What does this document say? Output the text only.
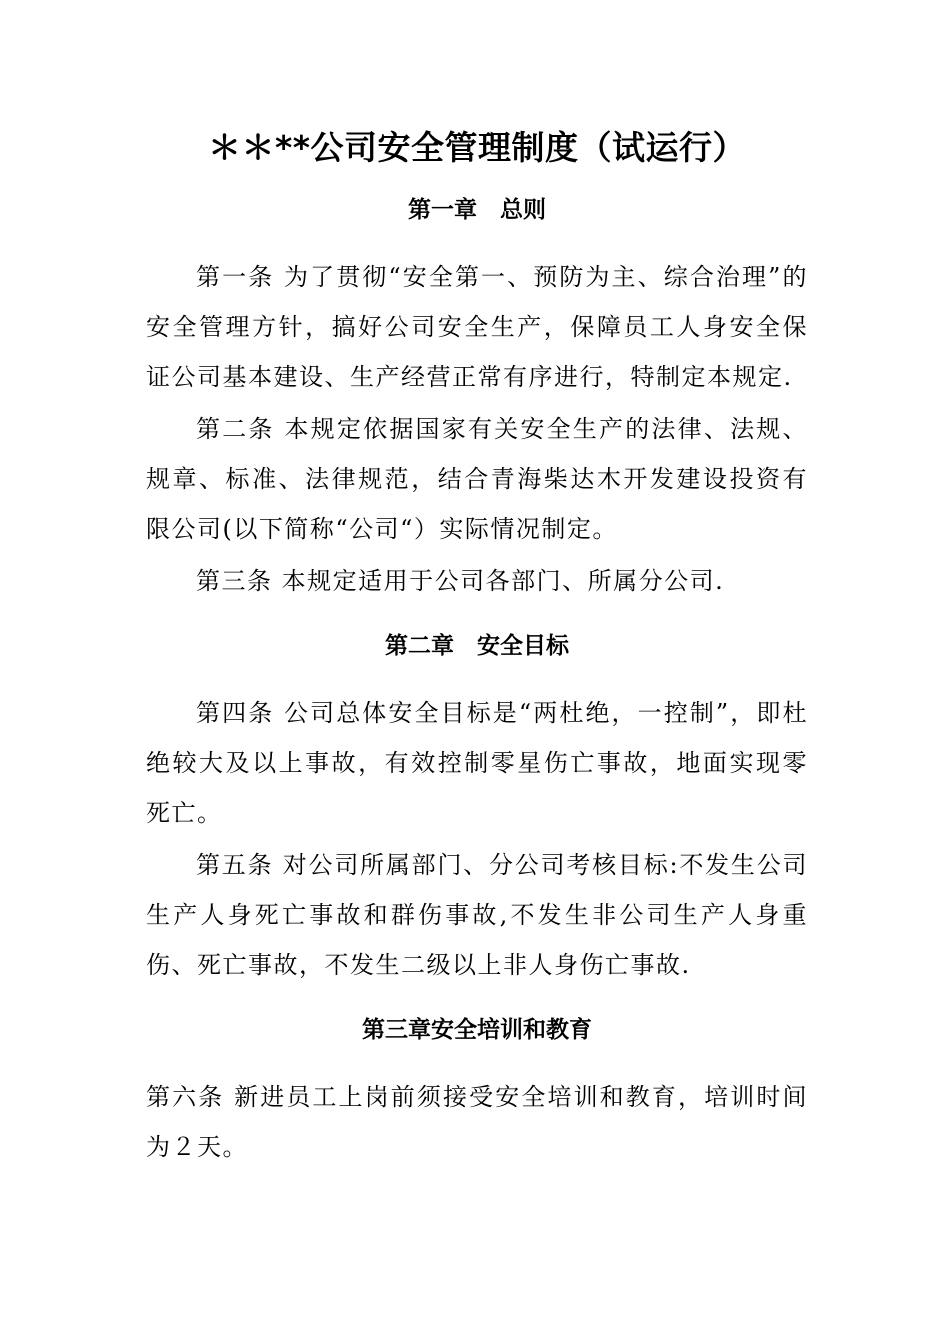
＊＊**公司安全管理制度（试运行）
第一章　总则

第一条 为了贯彻“安全第一、预防为主、综合治理”的安全管理方针，搞好公司安全生产，保障员工人身安全保证公司基本建设、生产经营正常有序进行，特制定本规定.

第二条 本规定依据国家有关安全生产的法律、法规、规章、标准、法律规范，结合青海柴达木开发建设投资有限公司(以下简称“公司“）实际情况制定。

第三条 本规定适用于公司各部门、所属分公司.

第二章　安全目标

第四条 公司总体安全目标是“两杜绝，一控制”，即杜绝较大及以上事故，有效控制零星伤亡事故，地面实现零死亡。

第五条 对公司所属部门、分公司考核目标:不发生公司生产人身死亡事故和群伤事故,不发生非公司生产人身重伤、死亡事故，不发生二级以上非人身伤亡事故.

第三章安全培训和教育

第六条 新进员工上岗前须接受安全培训和教育，培训时间为２天。
